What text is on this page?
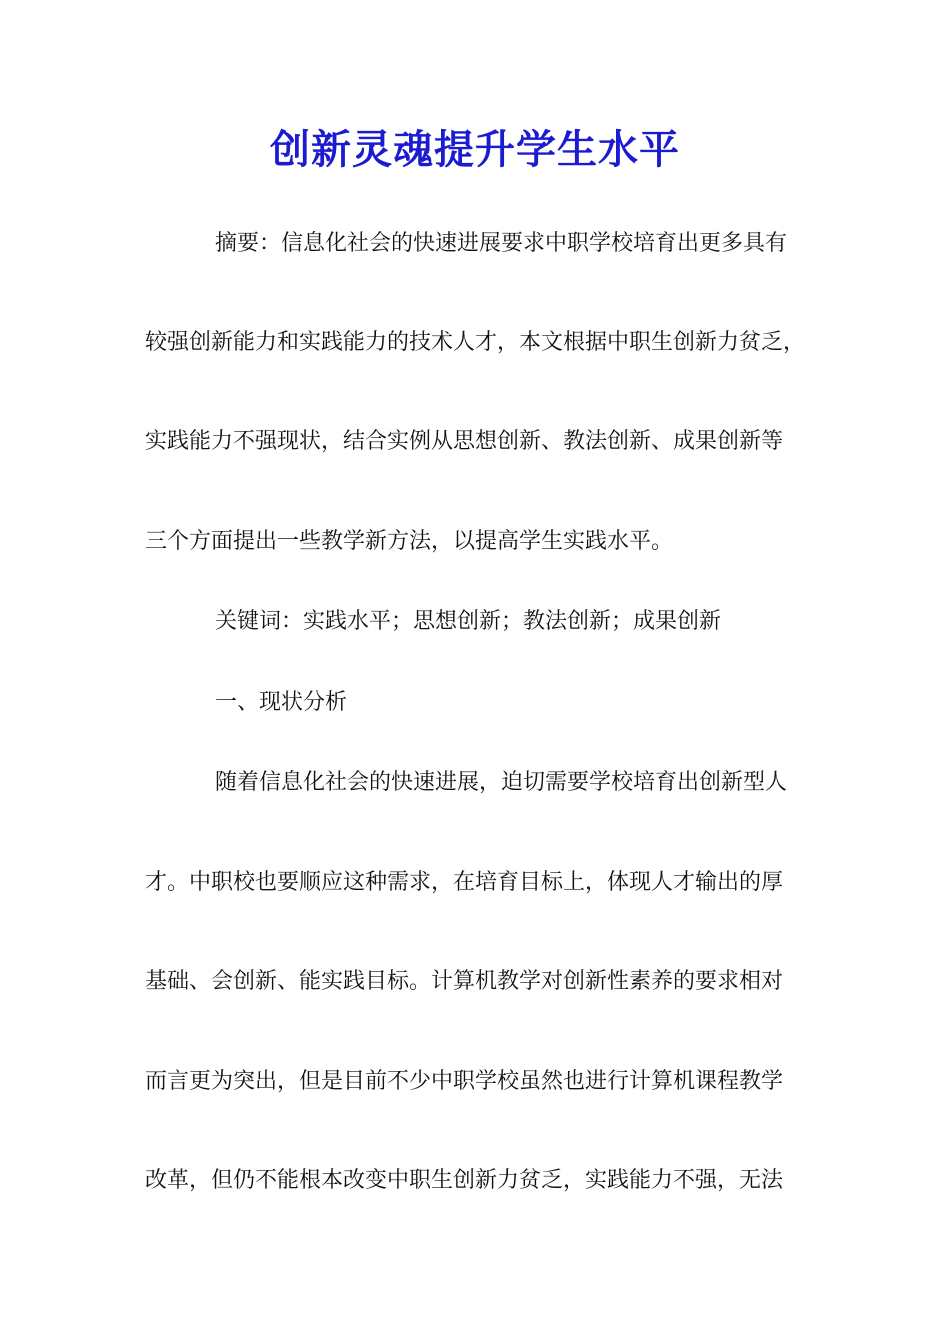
创新灵魂提升学生水平
摘要：信息化社会的快速进展要求中职学校培育出更多具有
较强创新能力和实践能力的技术人才，本文根据中职生创新力贫乏，
实践能力不强现状，结合实例从思想创新、教法创新、成果创新等
三个方面提出一些教学新方法，以提高学生实践水平。
关键词：实践水平；思想创新；教法创新；成果创新
一、现状分析
随着信息化社会的快速进展，迫切需要学校培育出创新型人
才。中职校也要顺应这种需求，在培育目标上，体现人才输出的厚
基础、会创新、能实践目标。计算机教学对创新性素养的要求相对
而言更为突出，但是目前不少中职学校虽然也进行计算机课程教学
改革，但仍不能根本改变中职生创新力贫乏，实践能力不强，无法
